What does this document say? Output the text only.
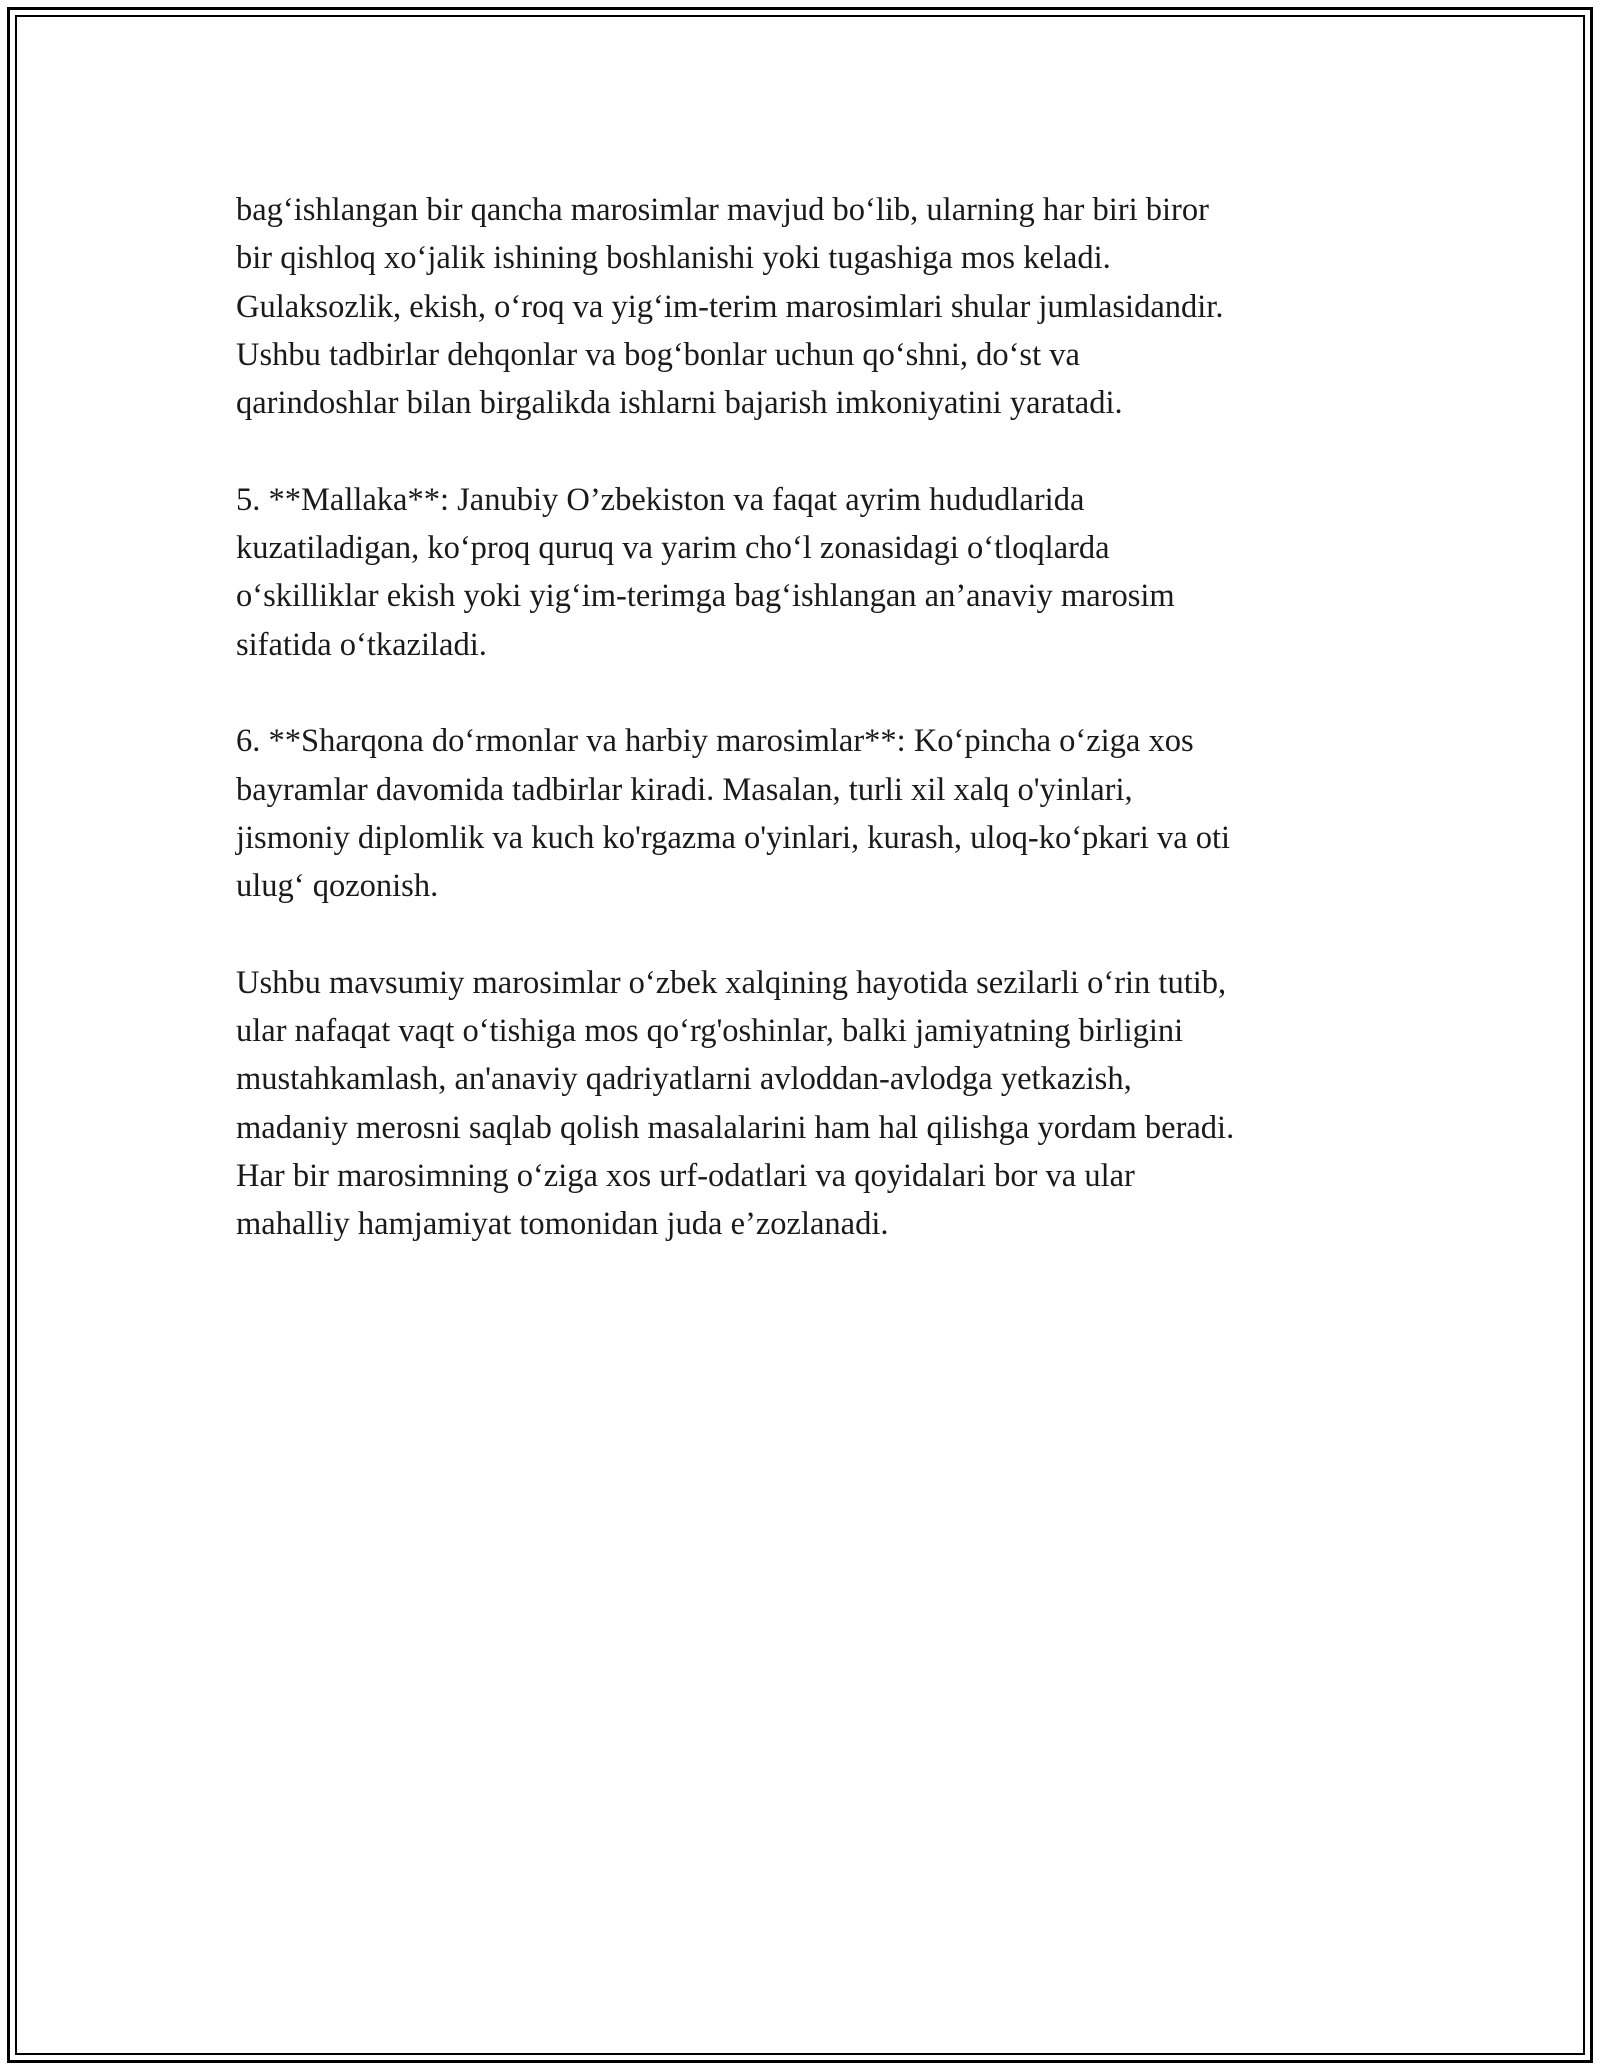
bag‘ishlangan bir qancha marosimlar mavjud bo‘lib, ularning har biri biror
bir qishloq xo‘jalik ishining boshlanishi yoki tugashiga mos keladi.
Gulaksozlik, ekish, o‘roq va yig‘im-terim marosimlari shular jumlasidandir.
Ushbu tadbirlar dehqonlar va bog‘bonlar uchun qo‘shni, do‘st va
qarindoshlar bilan birgalikda ishlarni bajarish imkoniyatini yaratadi.

5. **Mallaka**: Janubiy O’zbekiston va faqat ayrim hududlarida
kuzatiladigan, ko‘proq quruq va yarim cho‘l zonasidagi o‘tloqlarda
o‘skilliklar ekish yoki yig‘im-terimga bag‘ishlangan an’anaviy marosim
sifatida o‘tkaziladi.

6. **Sharqona do‘rmonlar va harbiy marosimlar**: Ko‘pincha o‘ziga xos
bayramlar davomida tadbirlar kiradi. Masalan, turli xil xalq o'yinlari,
jismoniy diplomlik va kuch ko'rgazma o'yinlari, kurash, uloq-ko‘pkari va oti
ulug‘ qozonish.

Ushbu mavsumiy marosimlar o‘zbek xalqining hayotida sezilarli o‘rin tutib,
ular nafaqat vaqt o‘tishiga mos qo‘rg'oshinlar, balki jamiyatning birligini
mustahkamlash, an'anaviy qadriyatlarni avloddan-avlodga yetkazish,
madaniy merosni saqlab qolish masalalarini ham hal qilishga yordam beradi.
Har bir marosimning o‘ziga xos urf-odatlari va qoyidalari bor va ular
mahalliy hamjamiyat tomonidan juda e’zozlanadi.
